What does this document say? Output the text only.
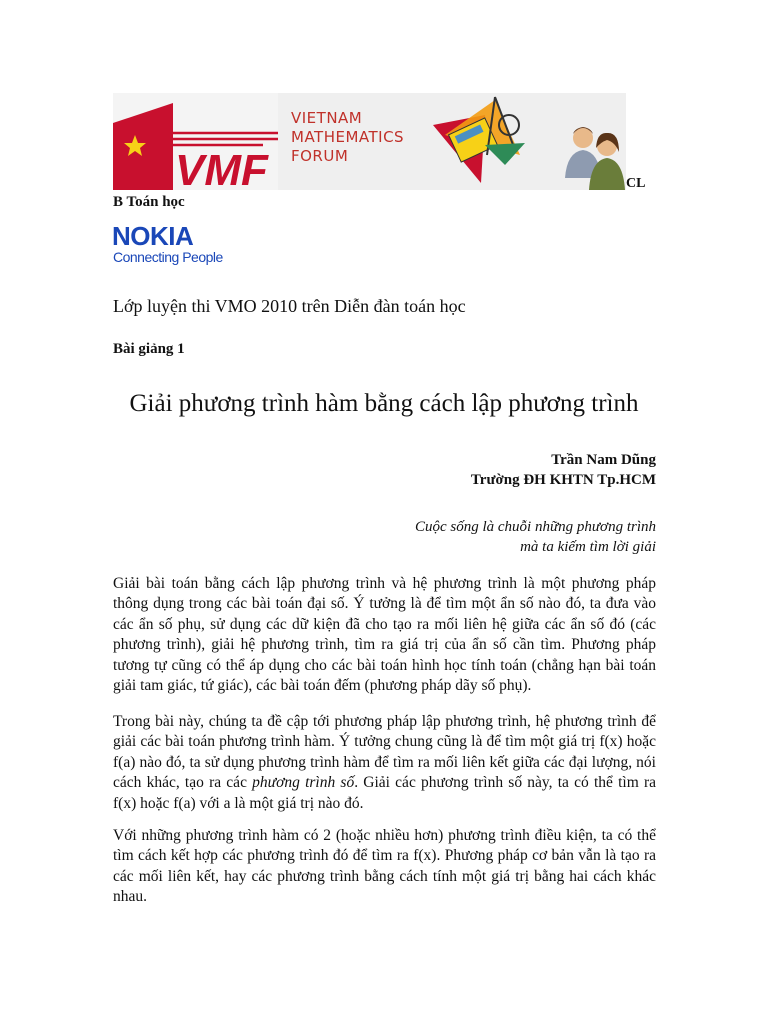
VMF
VIETNAM
MATHEMATICS
FORUM
CL
B Toán học
NOKIA
Connecting People
Lớp luyện thi VMO 2010 trên Diễn đàn toán học
Bài giảng 1
Giải phương trình hàm bằng cách lập phương trình
Trần Nam Dũng
Trường ĐH KHTN Tp.HCM
Cuộc sống là chuỗi những phương trình
mà ta kiếm tìm lời giải
Giải bài toán bằng cách lập phương trình và hệ phương trình là một phương pháp thông dụng trong các bài toán đại số. Ý tưởng là để tìm một ẩn số nào đó, ta đưa vào các ẩn số phụ, sử dụng các dữ kiện đã cho tạo ra mối liên hệ giữa các ẩn số đó (các phương trình), giải hệ phương trình, tìm ra giá trị của ẩn số cần tìm. Phương pháp tương tự cũng có thể áp dụng cho các bài toán hình học tính toán (chẳng hạn bài toán giải tam giác, tứ giác), các bài toán đếm (phương pháp dãy số phụ).
Trong bài này, chúng ta đề cập tới phương pháp lập phương trình, hệ phương trình để giải các bài toán phương trình hàm. Ý tưởng chung cũng là để tìm một giá trị f(x) hoặc f(a) nào đó, ta sử dụng phương trình hàm để tìm ra mối liên kết giữa các đại lượng, nói cách khác, tạo ra các phương trình số. Giải các phương trình số này, ta có thể tìm ra f(x) hoặc f(a) với a là một giá trị nào đó.
Với những phương trình hàm có 2 (hoặc nhiều hơn) phương trình điều kiện, ta có thể tìm cách kết hợp các phương trình đó để tìm ra f(x). Phương pháp cơ bản vẫn là tạo ra các mối liên kết, hay các phương trình bằng cách tính một giá trị bằng hai cách khác nhau.
